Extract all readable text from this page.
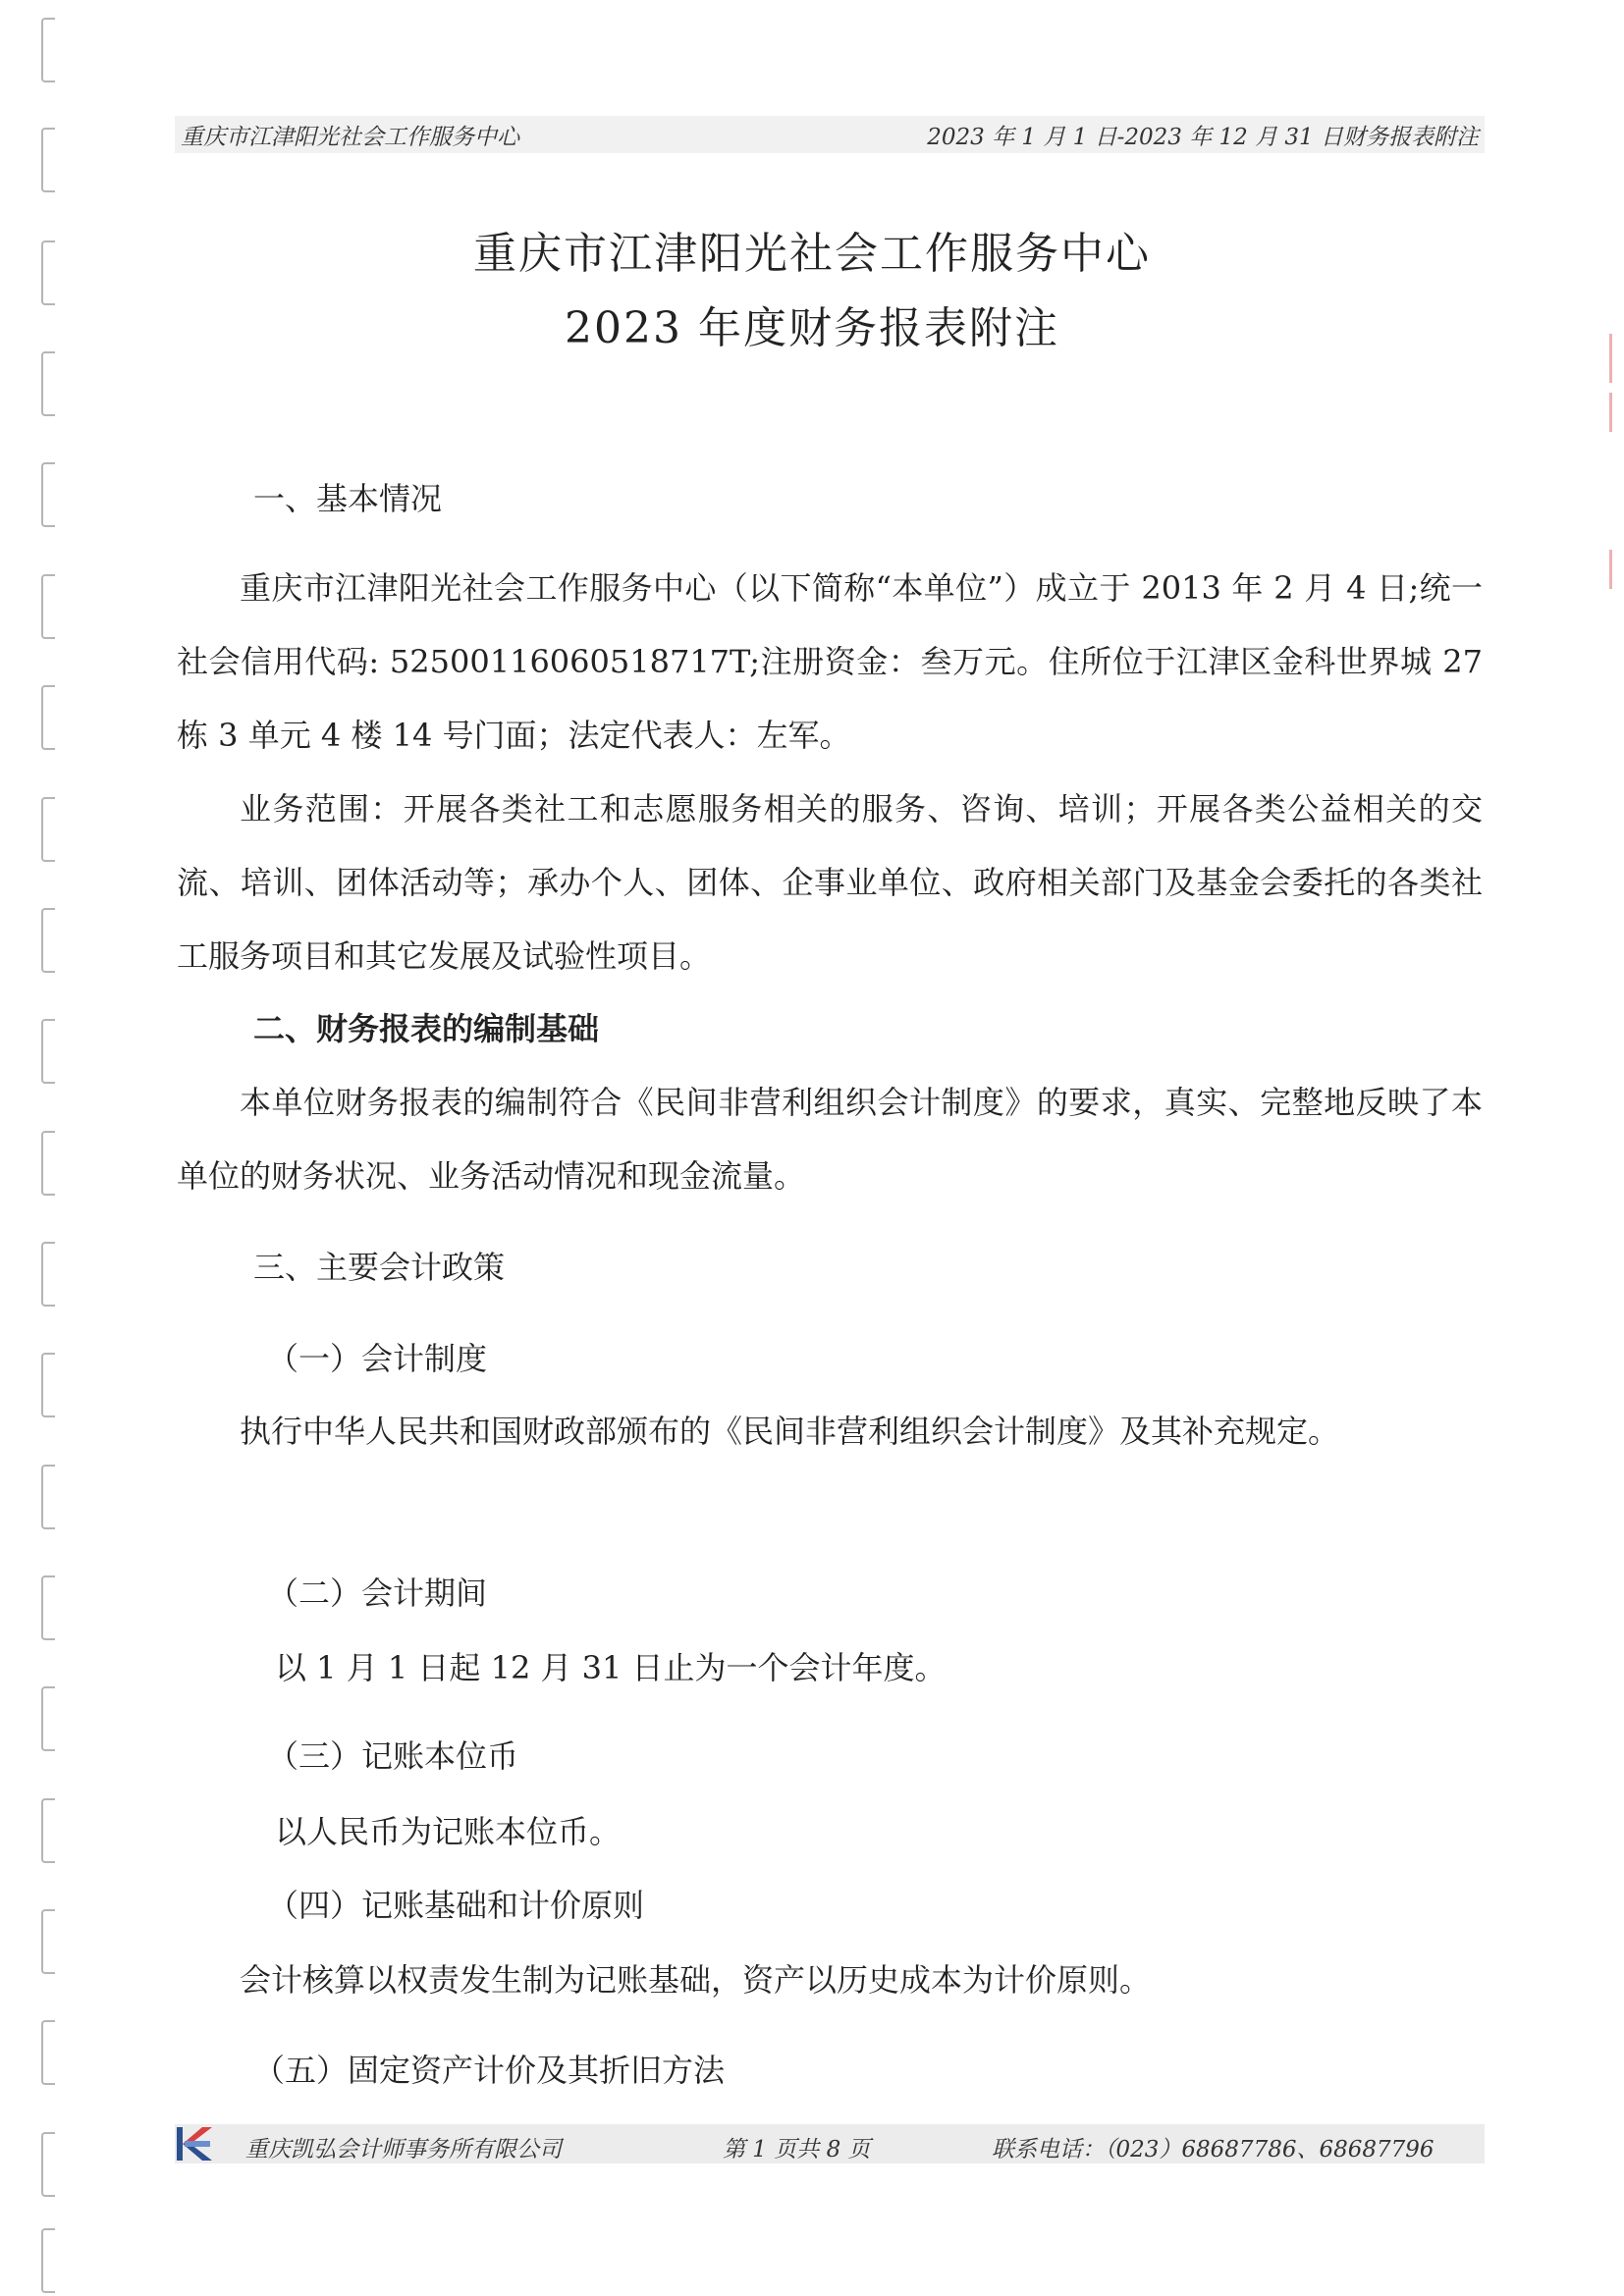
重庆市江津阳光社会工作服务中心	2023 年 1 月 1 日-2023 年 12 月 31 日财务报表附注
重庆市江津阳光社会工作服务中心
2023 年度财务报表附注
一、基本情况

重庆市江津阳光社会工作服务中心（以下简称“本单位”）成立于 2013 年 2 月 4 日;统一社会信用代码: 52500116060518717T;注册资金：叁万元。住所位于江津区金科世界城 27 栋 3 单元 4 楼 14 号门面；法定代表人：左军。

业务范围：开展各类社工和志愿服务相关的服务、咨询、培训；开展各类公益相关的交流、培训、团体活动等；承办个人、团体、企事业单位、政府相关部门及基金会委托的各类社工服务项目和其它发展及试验性项目。

二、财务报表的编制基础

本单位财务报表的编制符合《民间非营利组织会计制度》的要求，真实、完整地反映了本单位的财务状况、业务活动情况和现金流量。

三、主要会计政策
（一）会计制度

执行中华人民共和国财政部颁布的《民间非营利组织会计制度》及其补充规定。

（二）会计期间
以 1 月 1 日起 12 月 31 日止为一个会计年度。
（三）记账本位币
以人民币为记账本位币。
（四）记账基础和计价原则

会计核算以权责发生制为记账基础，资产以历史成本为计价原则。

（五）固定资产计价及其折旧方法
重庆凯弘会计师事务所有限公司	第 1 页共 8 页	联系电话：（023）68687786、68687796
